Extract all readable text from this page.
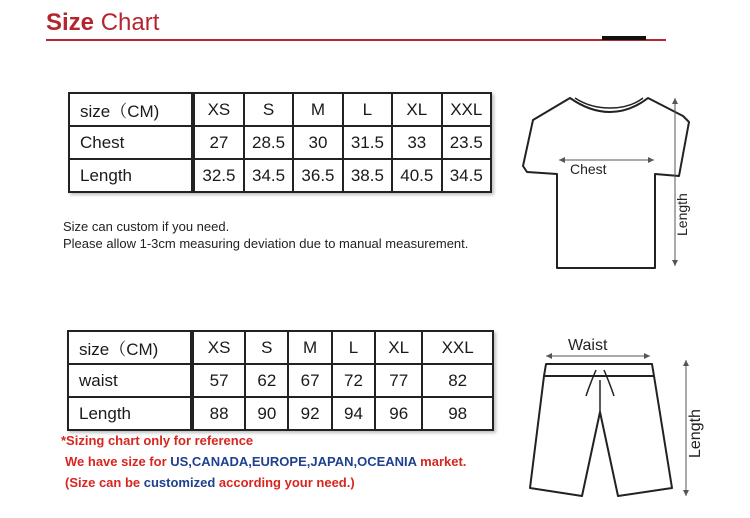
Size Chart
size（CM)	XS	S	M	L	XL	XXL
Chest	27	28.5	30	31.5	33	23.5
Length	32.5	34.5	36.5	38.5	40.5	34.5
Size can custom if you need.
Please allow 1-3cm measuring deviation due to manual measurement.
Chest
Length
size（CM)	XS	S	M	L	XL	XXL
waist	57	62	67	72	77	82
Length	88	90	92	94	96	98
*Sizing chart only for reference
We have size for US,CANADA,EUROPE,JAPAN,OCEANIA market.
(Size can be customized according your need.)
Waist
Length
